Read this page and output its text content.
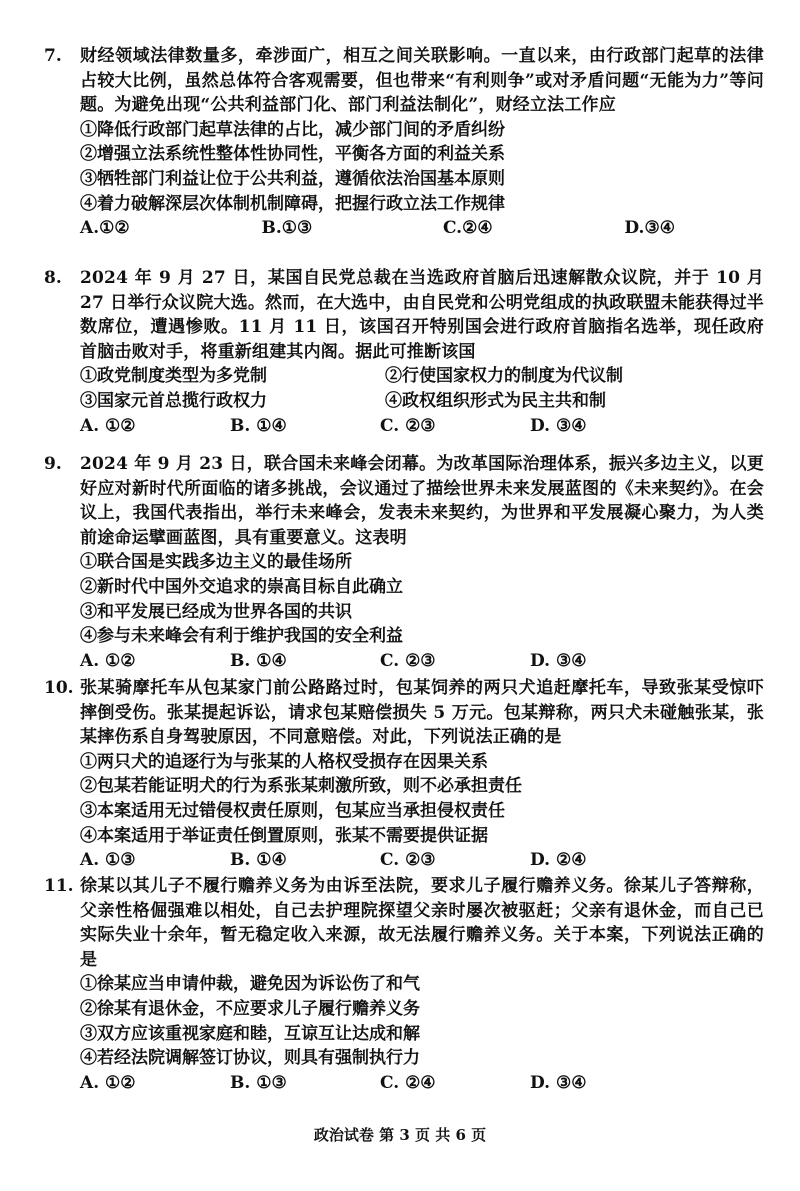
7.	财经领域法律数量多，牵涉面广，相互之间关联影响。一直以来，由行政部门起草的法律占较大比例，虽然总体符合客观需要，但也带来“有利则争”或对矛盾问题“无能为力”等问题。为避免出现“公共利益部门化、部门利益法制化”，财经立法工作应
①降低行政部门起草法律的占比，减少部门间的矛盾纠纷
②增强立法系统性整体性协同性，平衡各方面的利益关系
③牺牲部门利益让位于公共利益，遵循依法治国基本原则
④着力破解深层次体制机制障碍，把握行政立法工作规律
A.①②	B.①③	C.②④	D.③④
8.	2024 年 9 月 27 日，某国自民党总裁在当选政府首脑后迅速解散众议院，并于 10 月 27 日举行众议院大选。然而，在大选中，由自民党和公明党组成的执政联盟未能获得过半数席位，遭遇惨败。11 月 11 日，该国召开特别国会进行政府首脑指名选举，现任政府首脑击败对手，将重新组建其内阁。据此可推断该国
①政党制度类型为多党制	②行使国家权力的制度为代议制
③国家元首总揽行政权力	④政权组织形式为民主共和制
A. ①②	B. ①④	C. ②③	D. ③④
9.	2024 年 9 月 23 日，联合国未来峰会闭幕。为改革国际治理体系，振兴多边主义，以更好应对新时代所面临的诸多挑战，会议通过了描绘世界未来发展蓝图的《未来契约》。在会议上，我国代表指出，举行未来峰会，发表未来契约，为世界和平发展凝心聚力，为人类前途命运擘画蓝图，具有重要意义。这表明
①联合国是实践多边主义的最佳场所
②新时代中国外交追求的崇高目标自此确立
③和平发展已经成为世界各国的共识
④参与未来峰会有利于维护我国的安全利益
A. ①②	B. ①④	C. ②③	D. ③④
10. 张某骑摩托车从包某家门前公路路过时，包某饲养的两只犬追赶摩托车，导致张某受惊吓摔倒受伤。张某提起诉讼，请求包某赔偿损失 5 万元。包某辩称，两只犬未碰触张某，张某摔伤系自身驾驶原因，不同意赔偿。对此，下列说法正确的是
①两只犬的追逐行为与张某的人格权受损存在因果关系
②包某若能证明犬的行为系张某刺激所致，则不必承担责任
③本案适用无过错侵权责任原则，包某应当承担侵权责任
④本案适用于举证责任倒置原则，张某不需要提供证据
A. ①③	B. ①④	C. ②③	D. ②④
11. 徐某以其儿子不履行赡养义务为由诉至法院，要求儿子履行赡养义务。徐某儿子答辩称，父亲性格倔强难以相处，自己去护理院探望父亲时屡次被驱赶；父亲有退休金，而自己已实际失业十余年，暂无稳定收入来源，故无法履行赡养义务。关于本案，下列说法正确的是
①徐某应当申请仲裁，避免因为诉讼伤了和气
②徐某有退休金，不应要求儿子履行赡养义务
③双方应该重视家庭和睦，互谅互让达成和解
④若经法院调解签订协议，则具有强制执行力
A. ①②	B. ①③	C. ②④	D. ③④
政治试卷 第 3 页 共 6 页
